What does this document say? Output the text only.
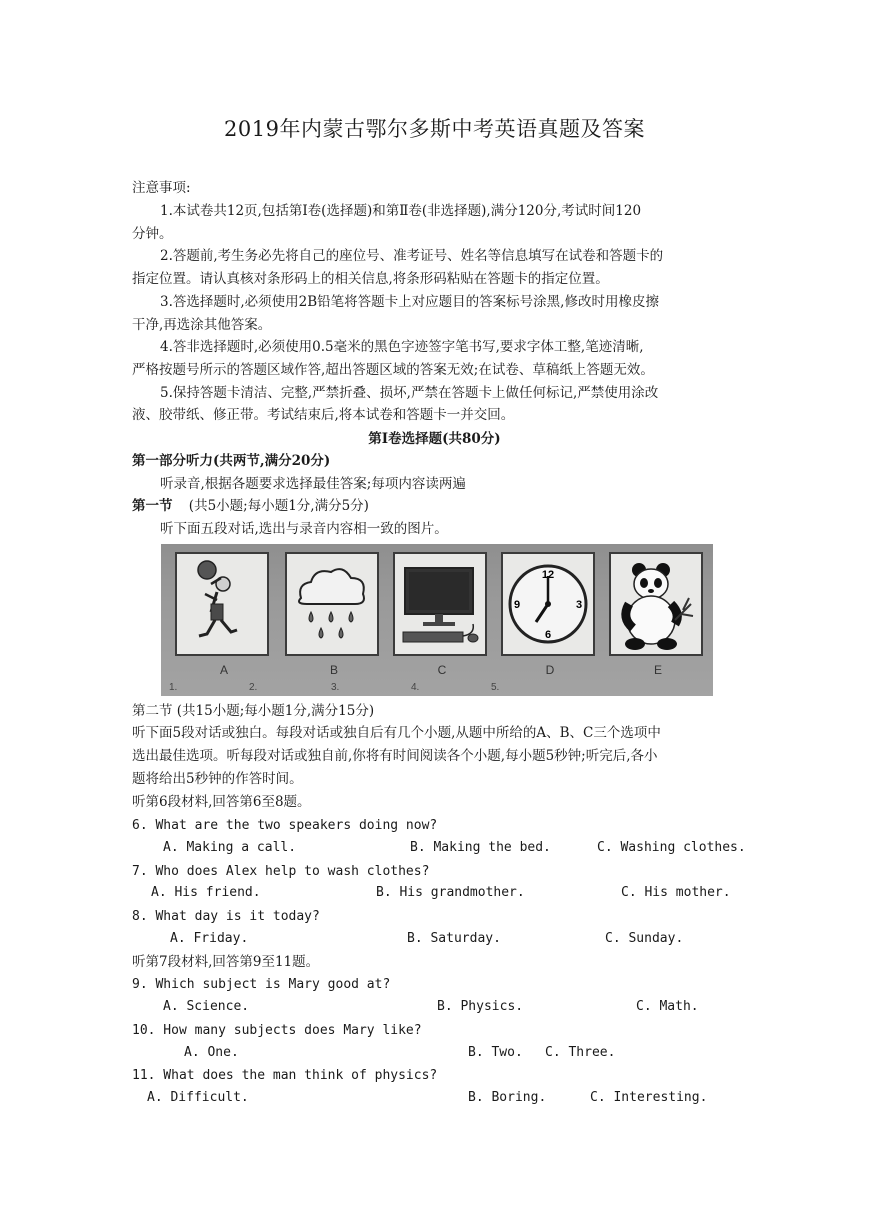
2019年内蒙古鄂尔多斯中考英语真题及答案
注意事项:
1.本试卷共12页,包括第Ⅰ卷(选择题)和第Ⅱ卷(非选择题),满分120分,考试时间120
分钟。
2.答题前,考生务必先将自己的座位号、准考证号、姓名等信息填写在试卷和答题卡的
指定位置。请认真核对条形码上的相关信息,将条形码粘贴在答题卡的指定位置。
3.答选择题时,必须使用2B铅笔将答题卡上对应题目的答案标号涂黑,修改时用橡皮擦
干净,再选涂其他答案。
4.答非选择题时,必须使用0.5毫米的黑色字迹签字笔书写,要求字体工整,笔迹清晰,
严格按题号所示的答题区域作答,超出答题区域的答案无效;在试卷、草稿纸上答题无效。
5.保持答题卡清洁、完整,严禁折叠、损坏,严禁在答题卡上做任何标记,严禁使用涂改
液、胶带纸、修正带。考试结束后,将本试卷和答题卡一并交回。
第Ⅰ卷选择题(共80分)
第一部分听力(共两节,满分20分)
听录音,根据各题要求选择最佳答案;每项内容读两遍
第一节 (共5小题;每小题1分,满分5分)
听下面五段对话,选出与录音内容相一致的图片。
12
3
6
9
A	B	C	D	E
1.	2.	3.	4.	5.
第二节 (共15小题;每小题1分,满分15分)
听下面5段对话或独白。每段对话或独自后有几个小题,从题中所给的A、B、C三个选项中
选出最佳选项。听每段对话或独自前,你将有时间阅读各个小题,每小题5秒钟;听完后,各小
题将给出5秒钟的作答时间。
听第6段材料,回答第6至8题。
6. What are the two speakers doing now?
A. Making a call.	B. Making the bed.	C. Washing clothes.
7. Who does Alex help to wash clothes?
A. His friend.	B. His grandmother.	C. His mother.
8. What day is it today?
A. Friday.	B. Saturday.	C. Sunday.
听第7段材料,回答第9至11题。
9. Which subject is Mary good at?
A. Science.	B. Physics.	C. Math.
10. How many subjects does Mary like?
A. One.	B. Two. C. Three.
11. What does the man think of physics?
A. Difficult.	B. Boring.	C. Interesting.
